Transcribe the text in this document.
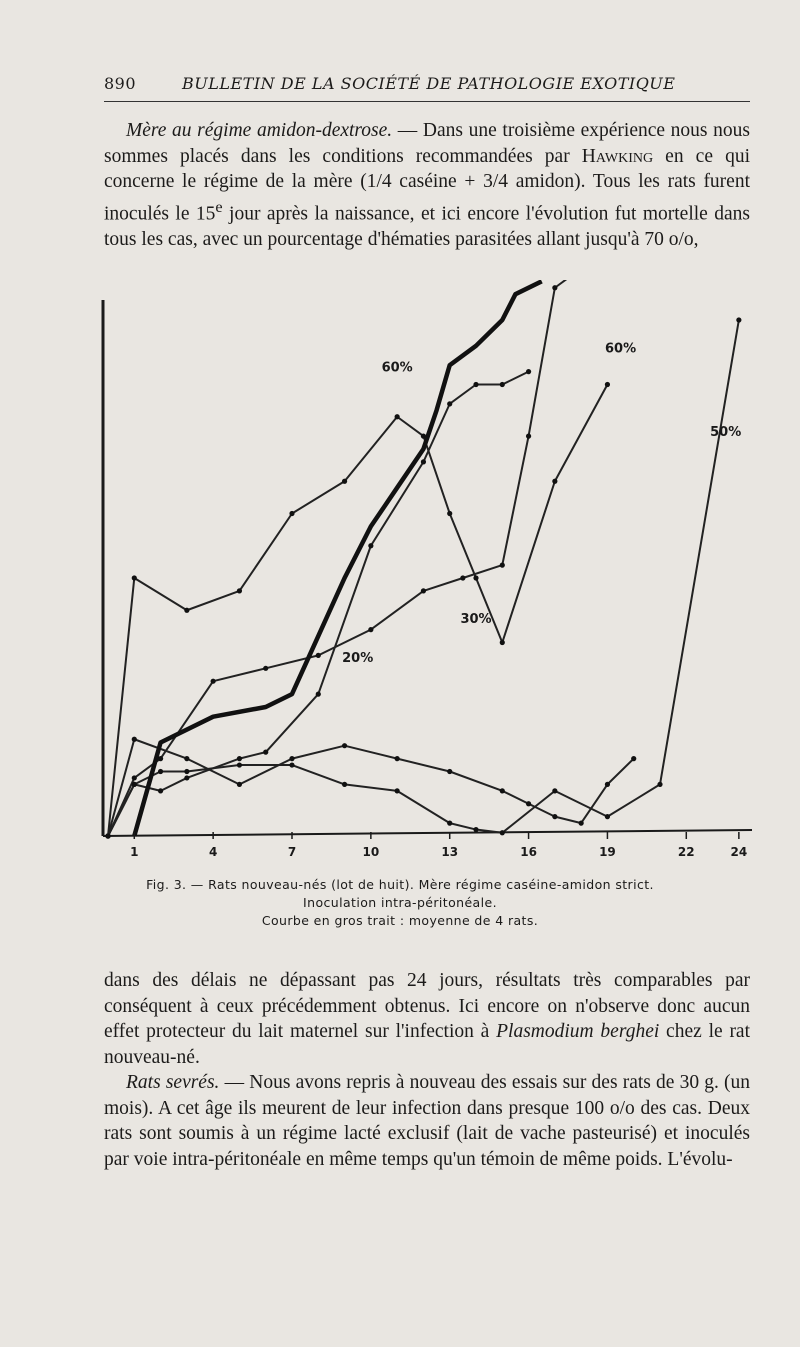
890	BULLETIN DE LA SOCIÉTÉ DE PATHOLOGIE EXOTIQUE

Mère au régime amidon-dextrose. — Dans une troisième expérience nous nous sommes placés dans les conditions recommandées par Hawking en ce qui concerne le régime de la mère (1/4 caséine + 3/4 amidon). Tous les rats furent inoculés le 15e jour après la naissance, et ici encore l'évolution fut mortelle dans tous les cas, avec un pourcentage d'hématies parasitées allant jusqu'à 70 o/o,

1	4	7	10	13	16	19	22	24
60%
60%
50%
30%
20%
Fig. 3. — Rats nouveau-nés (lot de huit). Mère régime caséine-amidon strict.
Inoculation intra-péritonéale.
Courbe en gros trait : moyenne de 4 rats.

dans des délais ne dépassant pas 24 jours, résultats très comparables par conséquent à ceux précédemment obtenus. Ici encore on n'observe donc aucun effet protecteur du lait maternel sur l'infection à Plasmodium berghei chez le rat nouveau-né.

Rats sevrés. — Nous avons repris à nouveau des essais sur des rats de 30 g. (un mois). A cet âge ils meurent de leur infection dans presque 100 o/o des cas. Deux rats sont soumis à un régime lacté exclusif (lait de vache pasteurisé) et inoculés par voie intra-péritonéale en même temps qu'un témoin de même poids. L'évolu-
